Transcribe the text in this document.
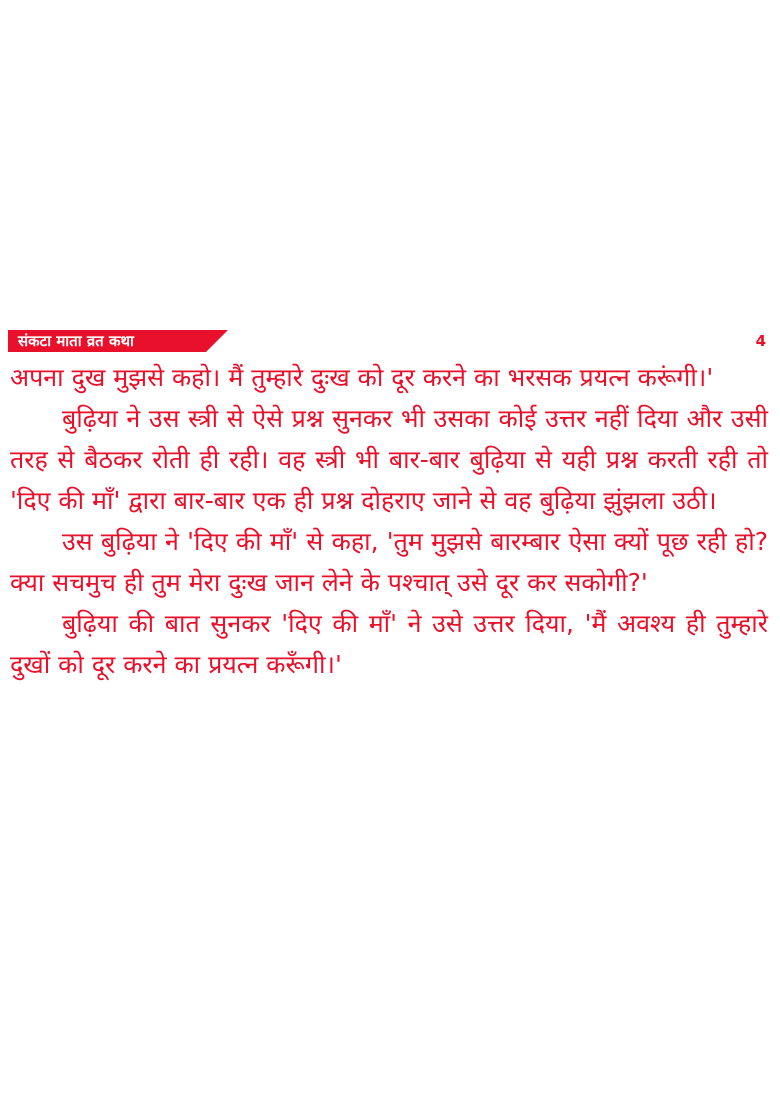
संकटा माता व्रत कथा	4

अपना दुख मुझसे कहो। मैं तुम्हारे दुःख को दूर करने का भरसक प्रयत्न करूंगी।'

बुढ़िया ने उस स्त्री से ऐसे प्रश्न सुनकर भी उसका कोई उत्तर नहीं दिया और उसी तरह से बैठकर रोती ही रही। वह स्त्री भी बार-बार बुढ़िया से यही प्रश्न करती रही तो 'दिए की माँ' द्वारा बार-बार एक ही प्रश्न दोहराए जाने से वह बुढ़िया झुंझला उठी।

उस बुढ़िया ने 'दिए की माँ' से कहा, 'तुम मुझसे बारम्बार ऐसा क्यों पूछ रही हो? क्या सचमुच ही तुम मेरा दुःख जान लेने के पश्चात् उसे दूर कर सकोगी?'

बुढ़िया की बात सुनकर 'दिए की माँ' ने उसे उत्तर दिया, 'मैं अवश्य ही तुम्हारे दुखों को दूर करने का प्रयत्न करूँगी।'
